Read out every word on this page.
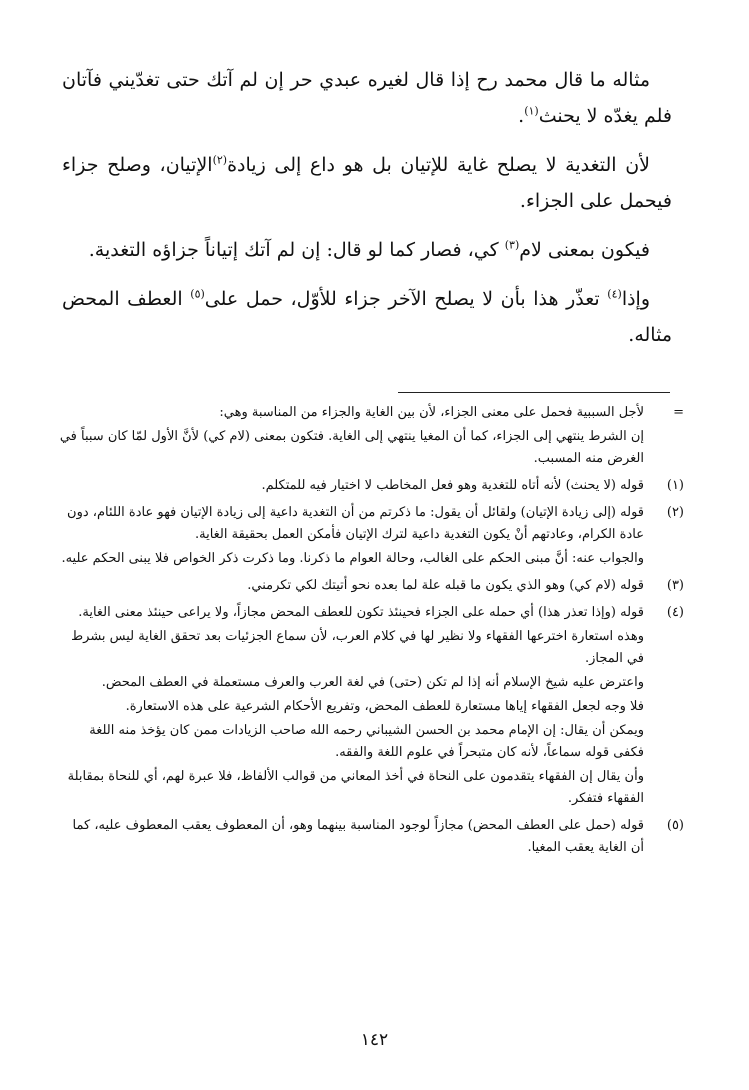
مثاله ما قال محمد رح إذا قال لغيره عبدي حر إن لم آتك حتى تغدّيني فآتان فلم يغدّه لا يحنث$^{(١)}$.

لأن التغدية لا يصلح غاية للإتيان بل هو داع إلى زيادة$^{(٢)}$الإتيان، وصلح جزاء فيحمل على الجزاء.

فيكون بمعنى لام$^{(٣)}$ كي، فصار كما لو قال: إن لم آتك إتياناً جزاؤه التغدية.

وإذا$^{(٤)}$ تعذّر هذا بأن لا يصلح الآخر جزاء للأوّل، حمل على$^{(٥)}$ العطف المحض مثاله.

=
لأجل السببية فحمل على معنى الجزاء، لأن بين الغاية والجزاء من المناسبة وهي:
إن الشرط ينتهي إلى الجزاء، كما أن المغيا ينتهي إلى الغاية. فتكون بمعنى (لام كي) لأنَّ الأول لمّا كان سبباً في الغرض منه المسبب.
(١)
قوله (لا يحنث) لأنه أتاه للتغدية وهو فعل المخاطب لا اختيار فيه للمتكلم.
(٢)
قوله (إلى زيادة الإتيان) ولقائل أن يقول: ما ذكرتم من أن التغدية داعية إلى زيادة الإتيان فهو عادة اللئام، دون عادة الكرام، وعادتهم أنْ يكون التغدية داعية لترك الإتيان فأمكن العمل بحقيقة الغاية.
والجواب عنه: أنَّ مبنى الحكم على الغالب، وحالة العوام ما ذكرنا. وما ذكرت ذكر الخواص فلا يبنى الحكم عليه.
(٣)
قوله (لام كي) وهو الذي يكون ما قبله علة لما بعده نحو أتيتك لكي تكرمني.
(٤)
قوله (وإذا تعذر هذا) أي حمله على الجزاء فحينئذ تكون للعطف المحض مجازاً، ولا يراعى حينئذ معنى الغاية.
وهذه استعارة اخترعها الفقهاء ولا نظير لها في كلام العرب، لأن سماع الجزئيات بعد تحقق الغاية ليس بشرط في المجاز.
واعترض عليه شيخ الإسلام أنه إذا لم تكن (حتى) في لغة العرب والعرف مستعملة في العطف المحض.
فلا وجه لجعل الفقهاء إياها مستعارة للعطف المحض، وتفريع الأحكام الشرعية على هذه الاستعارة.
ويمكن أن يقال: إن الإمام محمد بن الحسن الشيباني رحمه الله صاحب الزيادات ممن كان يؤخذ منه اللغة فكفى قوله سماعاً، لأنه كان متبحراً في علوم اللغة والفقه.
وأن يقال إن الفقهاء يتقدمون على النحاة في أخذ المعاني من قوالب الألفاظ، فلا عبرة لهم، أي للنحاة بمقابلة الفقهاء فتفكر.
(٥)
قوله (حمل على العطف المحض) مجازاً لوجود المناسبة بينهما وهو، أن المعطوف يعقب المعطوف عليه، كما أن الغاية يعقب المغيا.
١٤٢
